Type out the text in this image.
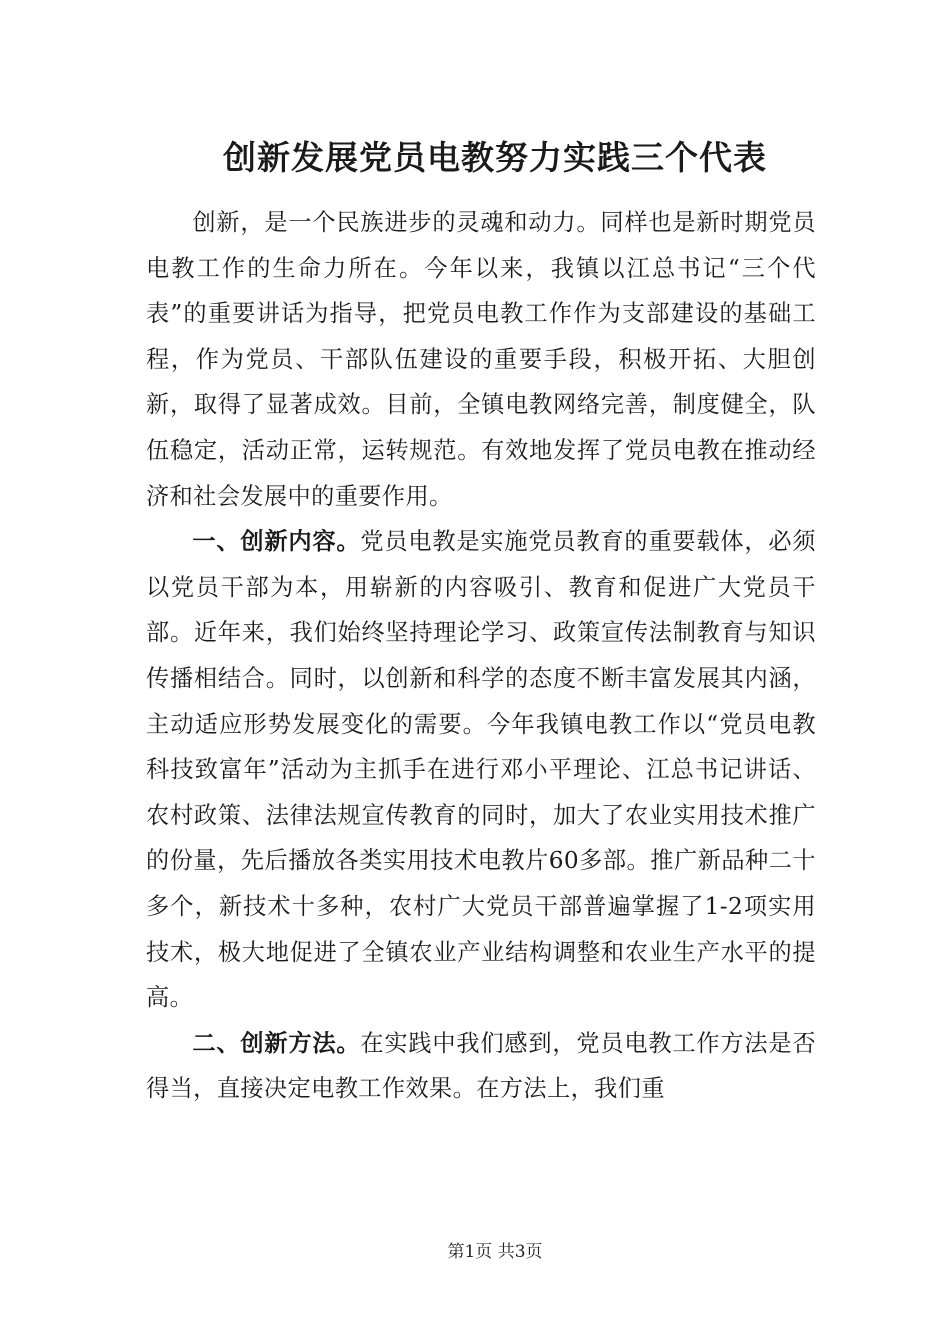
创新发展党员电教努力实践三个代表

创新，是一个民族进步的灵魂和动力。同样也是新时期党员电教工作的生命力所在。今年以来，我镇以江总书记“三个代表”的重要讲话为指导，把党员电教工作作为支部建设的基础工程，作为党员、干部队伍建设的重要手段，积极开拓、大胆创新，取得了显著成效。目前，全镇电教网络完善，制度健全，队伍稳定，活动正常，运转规范。有效地发挥了党员电教在推动经济和社会发展中的重要作用。

一、创新内容。党员电教是实施党员教育的重要载体，必须以党员干部为本，用崭新的内容吸引、教育和促进广大党员干部。近年来，我们始终坚持理论学习、政策宣传法制教育与知识传播相结合。同时，以创新和科学的态度不断丰富发展其内涵，主动适应形势发展变化的需要。今年我镇电教工作以“党员电教科技致富年”活动为主抓手在进行邓小平理论、江总书记讲话、农村政策、法律法规宣传教育的同时，加大了农业实用技术推广的份量，先后播放各类实用技术电教片60多部。推广新品种二十多个，新技术十多种，农村广大党员干部普遍掌握了1-2项实用技术，极大地促进了全镇农业产业结构调整和农业生产水平的提高。

二、创新方法。在实践中我们感到，党员电教工作方法是否得当，直接决定电教工作效果。在方法上，我们重

第1页 共3页
